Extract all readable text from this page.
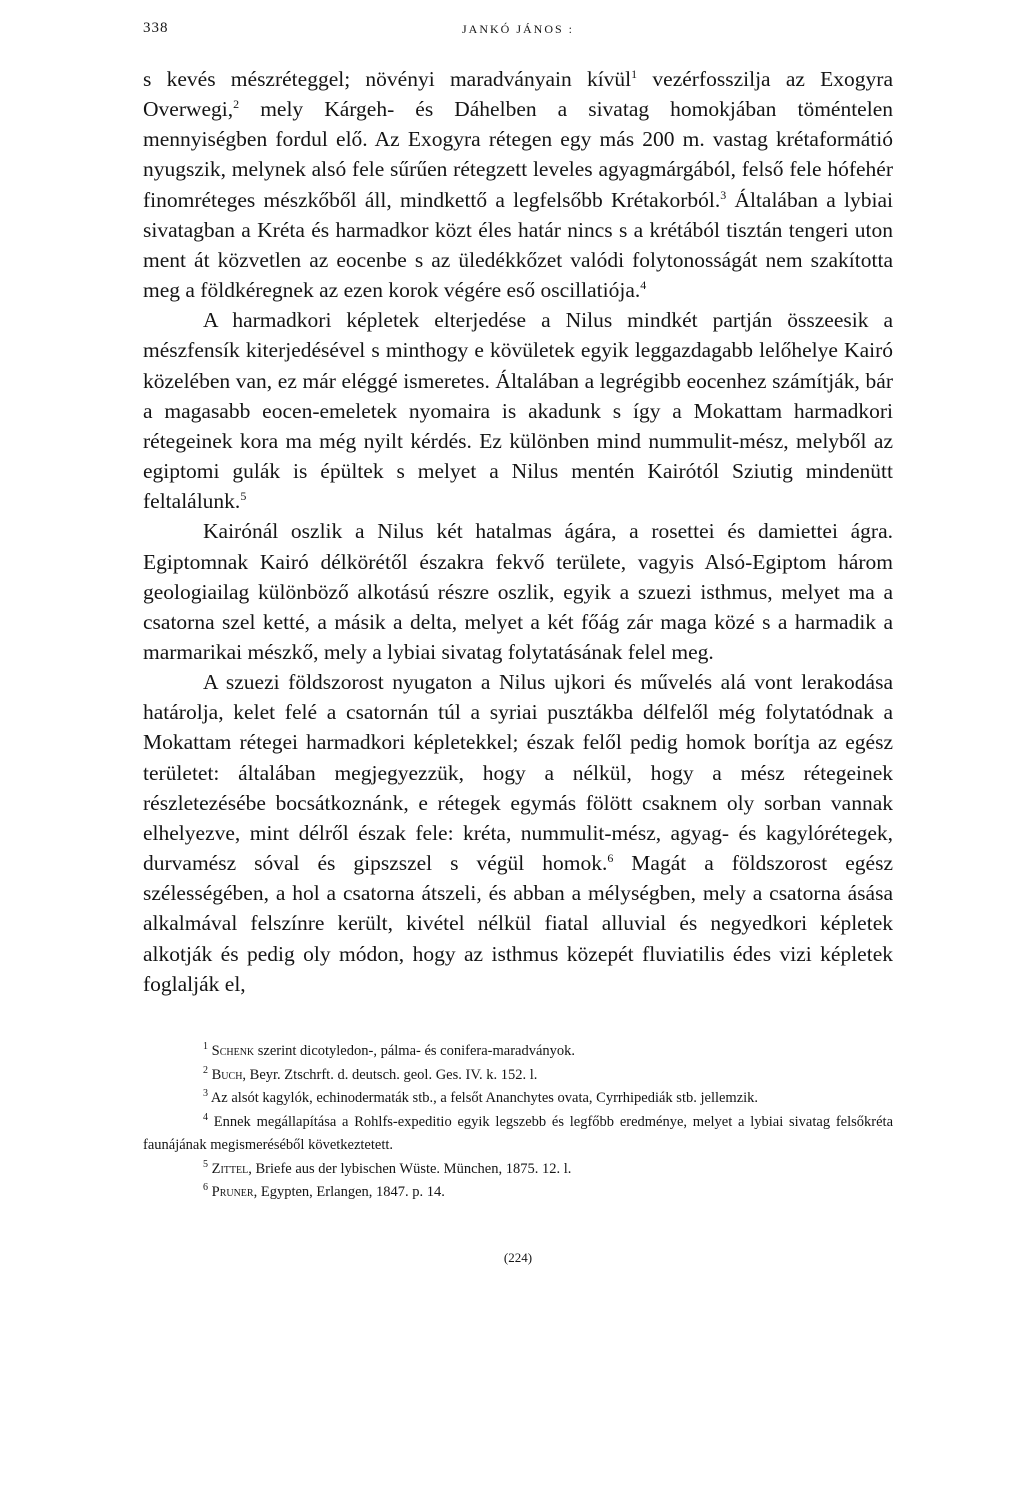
338	JANKÓ JÁNOS :

s kevés mészréteggel; növényi maradványain kívül$^1$ vezérfosszilja az Exogyra Overwegi,$^2$ mely Kárgeh- és Dáhelben a sivatag homokjában töméntelen mennyiségben fordul elő. Az Exogyra rétegen egy más 200 m. vastag krétaformátió nyugszik, melynek alsó fele sűrűen rétegzett leveles agyagmárgából, felső fele hófehér finomréteges mészkőből áll, mindkettő a legfelsőbb Krétakorból.$^3$ Általában a lybiai sivatagban a Kréta és harmadkor közt éles határ nincs s a krétából tisztán tengeri uton ment át közvetlen az eocenbe s az üledékkőzet valódi folytonosságát nem szakította meg a földkéregnek az ezen korok végére eső oscillatiója.$^4$

A harmadkori képletek elterjedése a Nilus mindkét partján összeesik a mészfensík kiterjedésével s minthogy e kövületek egyik leggazdagabb lelőhelye Kairó közelében van, ez már eléggé ismeretes. Általában a legrégibb eocenhez számítják, bár a magasabb eocen-emeletek nyomaira is akadunk s így a Mokattam harmadkori rétegeinek kora ma még nyilt kérdés. Ez különben mind nummulit-mész, melyből az egiptomi gulák is épültek s melyet a Nilus mentén Kairótól Sziutig mindenütt feltalálunk.$^5$

Kairónál oszlik a Nilus két hatalmas ágára, a rosettei és damiettei ágra. Egiptomnak Kairó délkörétől északra fekvő területe, vagyis Alsó-Egiptom három geologiailag különböző alkotású részre oszlik, egyik a szuezi isthmus, melyet ma a csatorna szel ketté, a másik a delta, melyet a két főág zár maga közé s a harmadik a marmarikai mészkő, mely a lybiai sivatag folytatásának felel meg.

A szuezi földszorost nyugaton a Nilus ujkori és művelés alá vont lerakodása határolja, kelet felé a csatornán túl a syriai pusztákba délfelől még folytatódnak a Mokattam rétegei harmadkori képletekkel; észak felől pedig homok borítja az egész területet: általában megjegyezzük, hogy a nélkül, hogy a mész rétegeinek részletezésébe bocsátkoznánk, e rétegek egymás fölött csaknem oly sorban vannak elhelyezve, mint délről észak fele: kréta, nummulit-mész, agyag- és kagylórétegek, durvamész sóval és gipszszel s végül homok.$^6$ Magát a földszorost egész szélességében, a hol a csatorna átszeli, és abban a mélységben, mely a csatorna ásása alkalmával felszínre került, kivétel nélkül fiatal alluvial és negyedkori képletek alkotják és pedig oly módon, hogy az isthmus közepét fluviatilis édes vizi képletek foglalják el,

$^1$ Schenk szerint dicotyledon-, pálma- és conifera-maradványok.

$^2$ Buch, Beyr. Ztschrft. d. deutsch. geol. Ges. IV. k. 152. l.

$^3$ Az alsót kagylók, echinodermaták stb., a felsőt Ananchytes ovata, Cyrrhipediák stb. jellemzik.

$^4$ Ennek megállapítása a Rohlfs-expeditio egyik legszebb és legfőbb eredménye, melyet a lybiai sivatag felsőkréta faunájának megismeréséből következtetett.

$^5$ Zittel, Briefe aus der lybischen Wüste. München, 1875. 12. l.

$^6$ Pruner, Egypten, Erlangen, 1847. p. 14.

(224)
